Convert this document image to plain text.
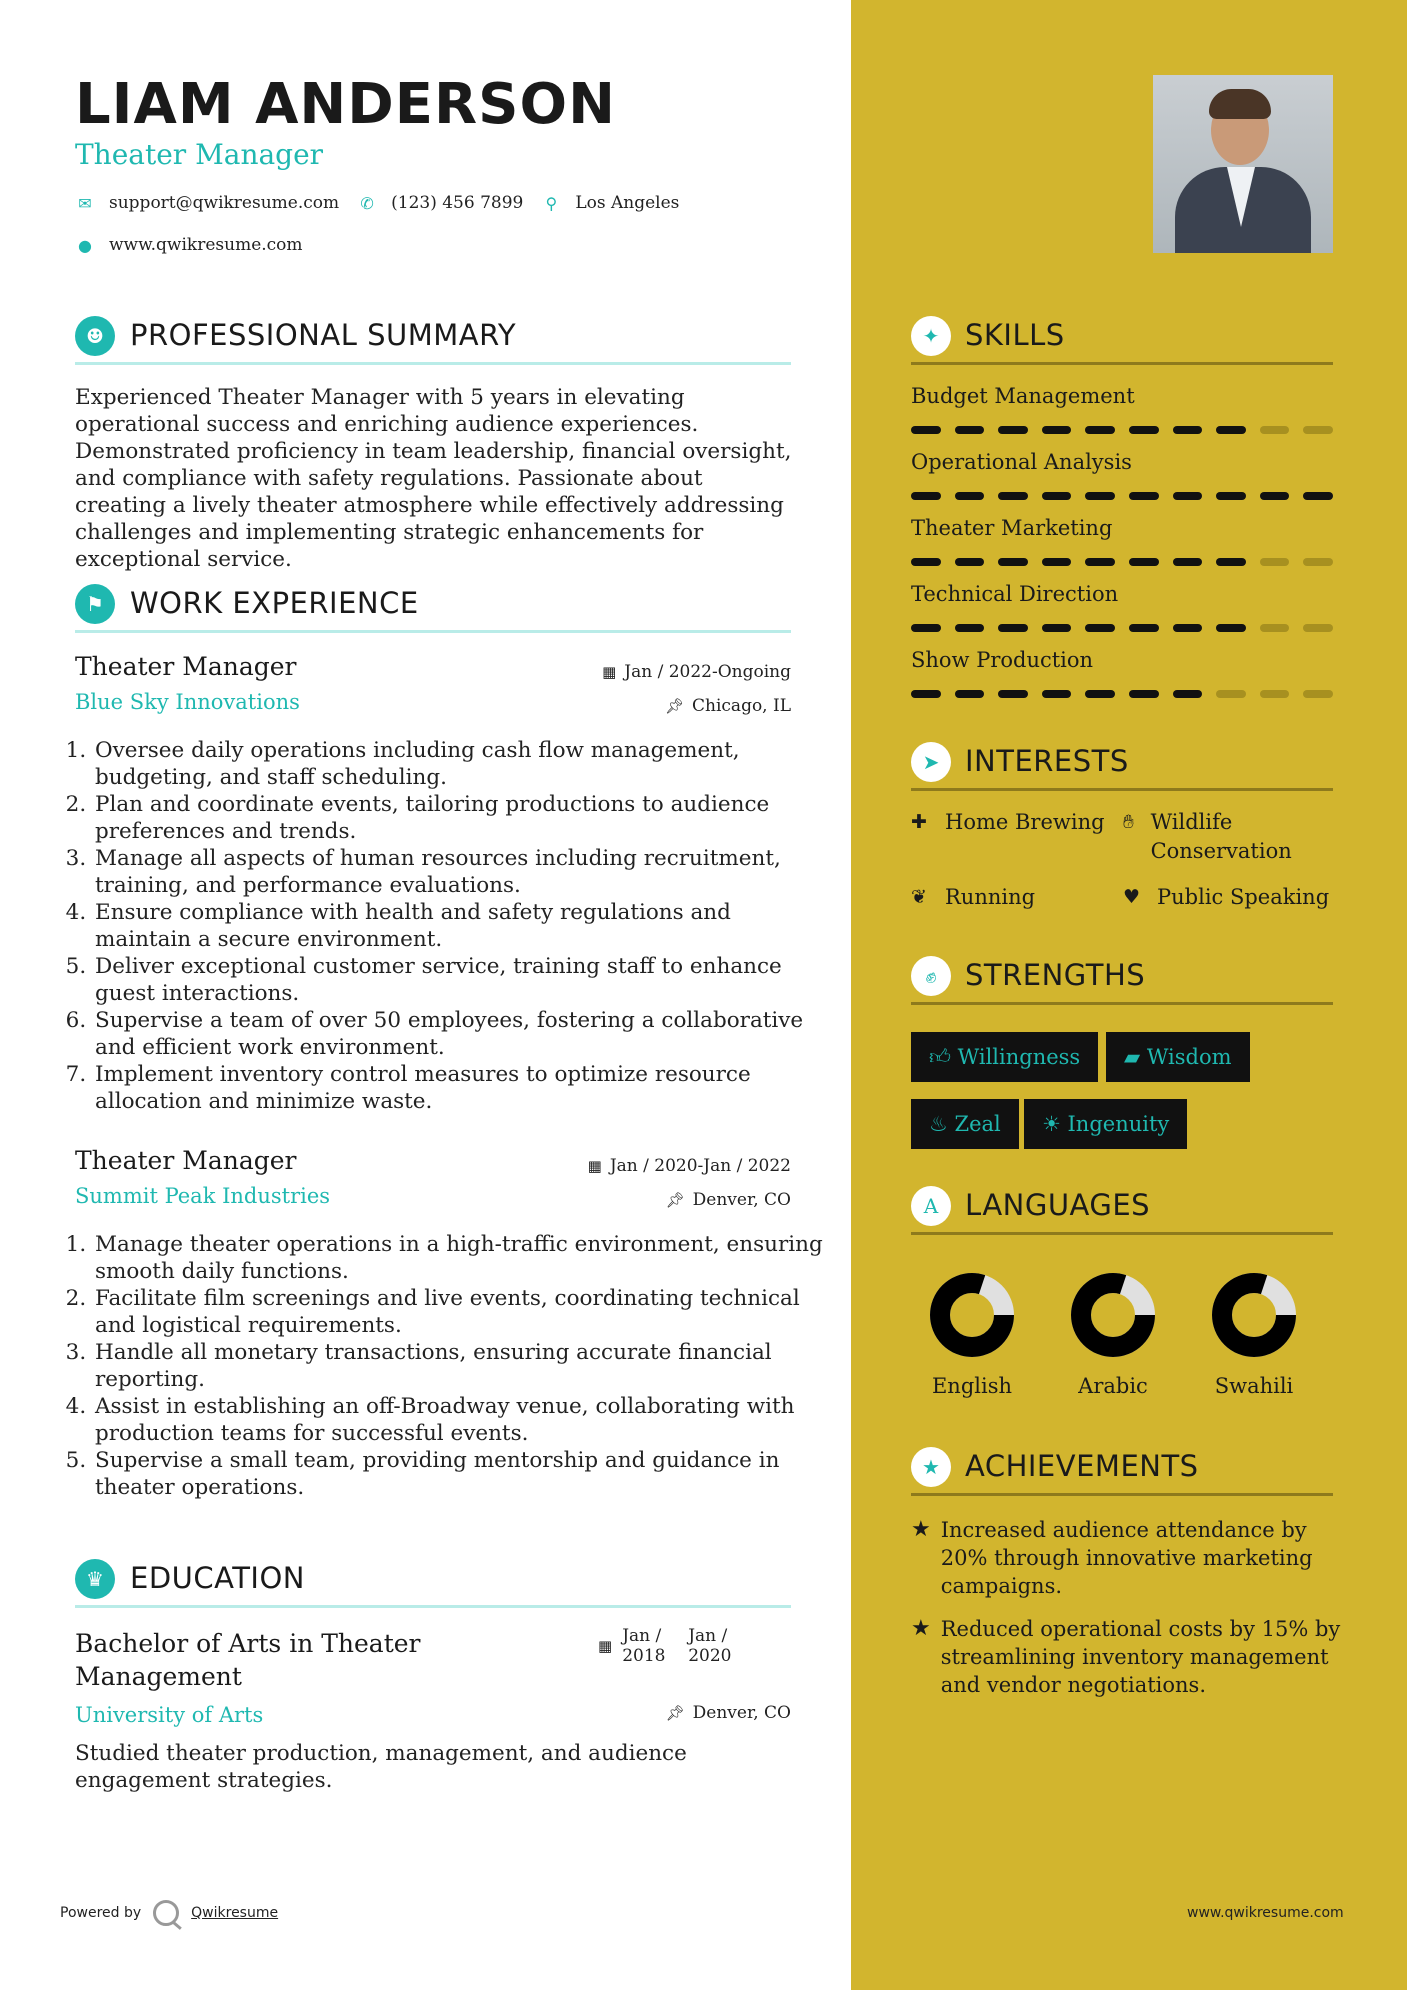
LIAM ANDERSON
Theater Manager
✉ support@qwikresume.com ✆ (123) 456 7899 ⚲ Los Angeles
● www.qwikresume.com
☻ PROFESSIONAL SUMMARY
Experienced Theater Manager with 5 years in elevating operational success and enriching audience experiences. Demonstrated proficiency in team leadership, financial oversight, and compliance with safety regulations. Passionate about creating a lively theater atmosphere while effectively addressing challenges and implementing strategic enhancements for exceptional service.
⚑ WORK EXPERIENCE
Theater Manager	▦ Jan / 2022-Ongoing
Blue Sky Innovations	📌︎ Chicago, IL
1. Oversee daily operations including cash flow management, budgeting, and staff scheduling.
2. Plan and coordinate events, tailoring productions to audience preferences and trends.
3. Manage all aspects of human resources including recruitment, training, and performance evaluations.
4. Ensure compliance with health and safety regulations and maintain a secure environment.
5. Deliver exceptional customer service, training staff to enhance guest interactions.
6. Supervise a team of over 50 employees, fostering a collaborative and efficient work environment.
7. Implement inventory control measures to optimize resource allocation and minimize waste.
Theater Manager	▦ Jan / 2020-Jan / 2022
Summit Peak Industries	📌︎ Denver, CO
1. Manage theater operations in a high-traffic environment, ensuring smooth daily functions.
2. Facilitate film screenings and live events, coordinating technical and logistical requirements.
3. Handle all monetary transactions, ensuring accurate financial reporting.
4. Assist in establishing an off-Broadway venue, collaborating with production teams for successful events.
5. Supervise a small team, providing mentorship and guidance in theater operations.
♛ EDUCATION
Bachelor of Arts in Theater Management
▦ Jan /
2018
Jan /
2020
University of Arts	📌︎ Denver, CO
Studied theater production, management, and audience engagement strategies.
Powered by	Qwikresume
✦ SKILLS
Budget Management
Operational Analysis
Theater Marketing
Technical Direction
Show Production
➤ INTERESTS
✚ Home Brewing ✋︎ Wildlife Conservation
❦ Running	♥ Public Speaking
✊︎ STRENGTHS
👍︎ Willingness	▰ Wisdom
♨ Zeal	☀ Ingenuity
A LANGUAGES
English	Arabic	Swahili
★ ACHIEVEMENTS
★ Increased audience attendance by 20% through innovative marketing campaigns.
★ Reduced operational costs by 15% by streamlining inventory management and vendor negotiations.
www.qwikresume.com
